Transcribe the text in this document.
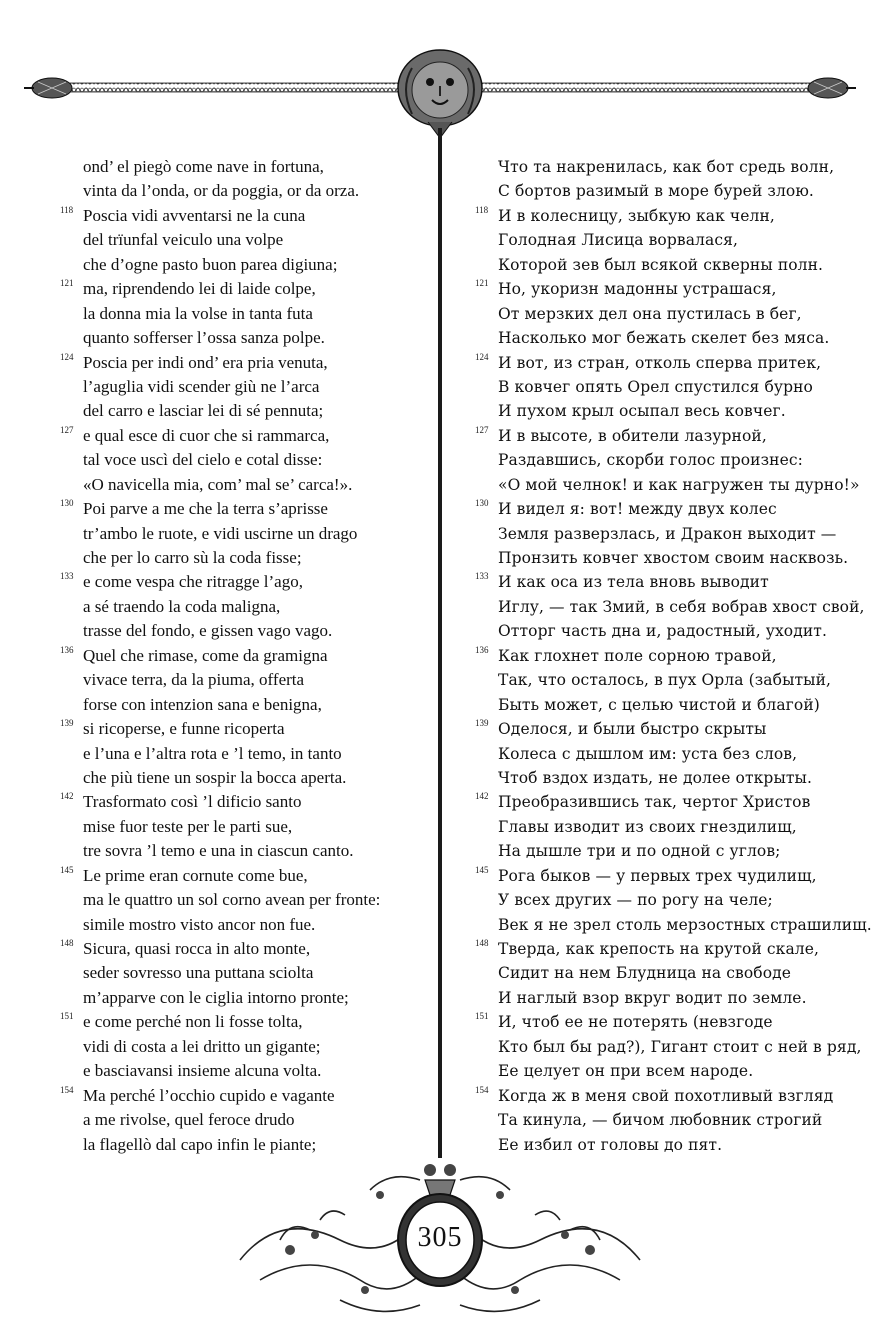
ond’ el piegò come nave in fortuna,
vinta da l’onda, or da poggia, or da orza.
118 Poscia vidi avventarsi ne la cuna
del trïunfal veiculo una volpe
che d’ogne pasto buon parea digiuna;
121 ma, riprendendo lei di laide colpe,
la donna mia la volse in tanta futa
quanto sofferser l’ossa sanza polpe.
124 Poscia per indi ond’ era pria venuta,
l’aguglia vidi scender giù ne l’arca
del carro e lasciar lei di sé pennuta;
127 e qual esce di cuor che si rammarca,
tal voce uscì del cielo e cotal disse:
«O navicella mia, com’ mal se’ carca!».
130 Poi parve a me che la terra s’aprisse
tr’ambo le ruote, e vidi uscirne un drago
che per lo carro sù la coda fisse;
133 e come vespa che ritragge l’ago,
a sé traendo la coda maligna,
trasse del fondo, e gissen vago vago.
136 Quel che rimase, come da gramigna
vivace terra, da la piuma, offerta
forse con intenzion sana e benigna,
139 si ricoperse, e funne ricoperta
e l’una e l’altra rota e ’l temo, in tanto
che più tiene un sospir la bocca aperta.
142 Trasformato così ’l dificio santo
mise fuor teste per le parti sue,
tre sovra ’l temo e una in ciascun canto.
145 Le prime eran cornute come bue,
ma le quattro un sol corno avean per fronte:
simile mostro visto ancor non fue.
148 Sicura, quasi rocca in alto monte,
seder sovresso una puttana sciolta
m’apparve con le ciglia intorno pronte;
151 e come perché non li fosse tolta,
vidi di costa a lei dritto un gigante;
e basciavansi insieme alcuna volta.
154 Ma perché l’occhio cupido e vagante
a me rivolse, quel feroce drudo
la flagellò dal capo infin le piante;
Что та накренилась, как бот средь волн,
С бортов разимый в море бурей злою.
118 И в колесницу, зыбкую как челн,
Голодная Лисица ворвалася,
Которой зев был всякой скверны полн.
121 Но, укоризн мадонны устрашася,
От мерзких дел она пустилась в бег,
Насколько мог бежать скелет без мяса.
124 И вот, из стран, отколь сперва притек,
В ковчег опять Орел спустился бурно
И пухом крыл осыпал весь ковчег.
127 И в высоте, в обители лазурной,
Раздавшись, скорби голос произнес:
«О мой челнок! и как нагружен ты дурно!»
130 И видел я: вот! между двух колес
Земля разверзлась, и Дракон выходит —
Пронзить ковчег хвостом своим насквозь.
133 И как оса из тела вновь выводит
Иглу, — так Змий, в себя вобрав хвост свой,
Отторг часть дна и, радостный, уходит.
136 Как глохнет поле сорною травой,
Так, что осталось, в пух Орла (забытый,
Быть может, с целью чистой и благой)
139 Оделося, и были быстро скрыты
Колеса с дышлом им: уста без слов,
Чтоб вздох издать, не долее открыты.
142 Преобразившись так, чертог Христов
Главы изводит из своих гнездилищ,
На дышле три и по одной с углов;
145 Рога быков — у первых трех чудилищ,
У всех других — по рогу на челе;
Век я не зрел столь мерзостных страшилищ.
148 Тверда, как крепость на крутой скале,
Сидит на нем Блудница на свободе
И наглый взор вкруг водит по земле.
151 И, чтоб ее не потерять (невзгоде
Кто был бы рад?), Гигант стоит с ней в ряд,
Ее целует он при всем народе.
154 Когда ж в меня свой похотливый взгляд
Та кинула, — бичом любовник строгий
Ее избил от головы до пят.
305
